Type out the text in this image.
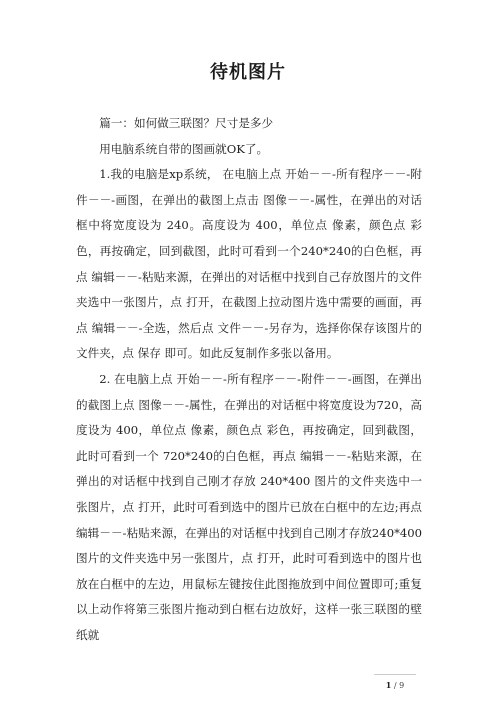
待机图片

篇一：如何做三联图？尺寸是多少

用电脑系统自带的图画就OK了。

1.我的电脑是xp系统， 在电脑上点 开始－－-所有程序－－-附件－－-画图，在弹出的截图上点击 图像－－-属性，在弹出的对话框中将宽度设为 240。高度设为 400，单位点 像素，颜色点 彩色，再按确定，回到截图，此时可看到一个240*240的白色框，再点 编辑－－-粘贴来源，在弹出的对话框中找到自己存放图片的文件夹选中一张图片，点 打开，在截图上拉动图片选中需要的画面，再点 编辑－－-全选，然后点 文件－－-另存为，选择你保存该图片的文件夹，点 保存 即可。如此反复制作多张以备用。

2. 在电脑上点 开始－－-所有程序－－-附件－－-画图，在弹出的截图上点 图像－－-属性，在弹出的对话框中将宽度设为720，高度设为 400，单位点 像素，颜色点 彩色，再按确定，回到截图，此时可看到一个 720*240的白色框，再点 编辑－－-粘贴来源，在弹出的对话框中找到自己刚才存放 240*400 图片的文件夹选中一张图片，点 打开，此时可看到选中的图片已放在白框中的左边;再点 编辑－－-粘贴来源，在弹出的对话框中找到自己刚才存放240*400图片的文件夹选中另一张图片，点 打开，此时可看到选中的图片也放在白框中的左边，用鼠标左键按住此图拖放到中间位置即可;重复以上动作将第三张图片拖动到白框右边放好，这样一张三联图的壁纸就

1 / 9
